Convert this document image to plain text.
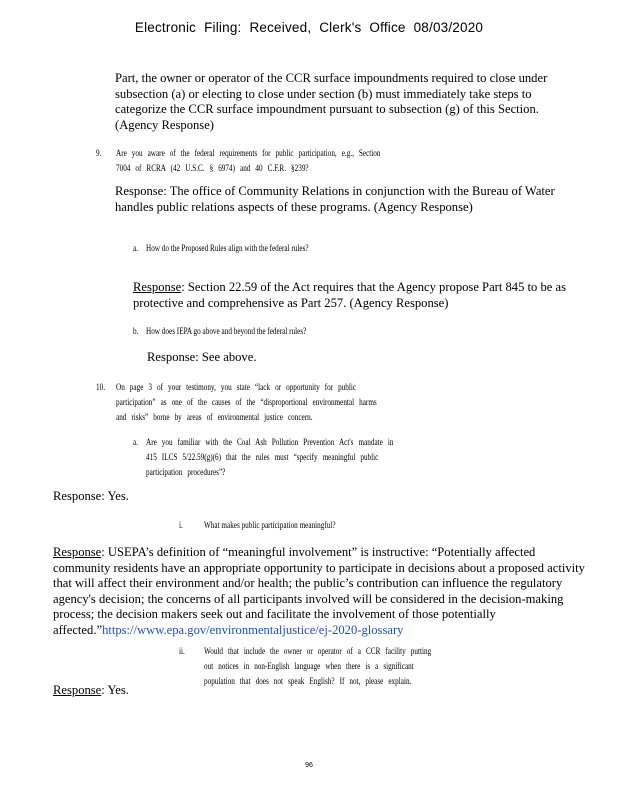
Electronic Filing: Received, Clerk's Office 08/03/2020
Part, the owner or operator of the CCR surface impoundments required to close under subsection (a) or electing to close under section (b) must immediately take steps to categorize the CCR surface impoundment pursuant to subsection (g) of this Section. (Agency Response)
9. Are you aware of the federal requirements for public participation, e.g., Section
7004 of RCRA (42 U.S.C. § 6974) and 40 C.F.R. §239?
Response: The office of Community Relations in conjunction with the Bureau of Water handles public relations aspects of these programs. (Agency Response)
a. How do the Proposed Rules align with the federal rules?
Response: Section 22.59 of the Act requires that the Agency propose Part 845 to be as protective and comprehensive as Part 257. (Agency Response)
b. How does IEPA go above and beyond the federal rules?
Response: See above.
10. On page 3 of your testimony, you state “lack or opportunity for public
participation” as one of the causes of the “disproportional environmental harms
and risks” borne by areas of environmental justice concern.
a. Are you familiar with the Coal Ash Pollution Prevention Act's mandate in
415 ILCS 5/22.59(g)(6) that the rules must “specify meaningful public
participation procedures”?
Response: Yes.
i. What makes public participation meaningful?
Response: USEPA’s definition of “meaningful involvement” is instructive: “Potentially affected community residents have an appropriate opportunity to participate in decisions about a proposed activity that will affect their environment and/or health; the public’s contribution can influence the regulatory agency's decision; the concerns of all participants involved will be considered in the decision-making process; the decision makers seek out and facilitate the involvement of those potentially affected.”https://www.epa.gov/environmentaljustice/ej-2020-glossary
ii. Would that include the owner or operator of a CCR facility putting
out notices in non-English language when there is a significant
population that does not speak English? If not, please explain.
Response: Yes.
96
